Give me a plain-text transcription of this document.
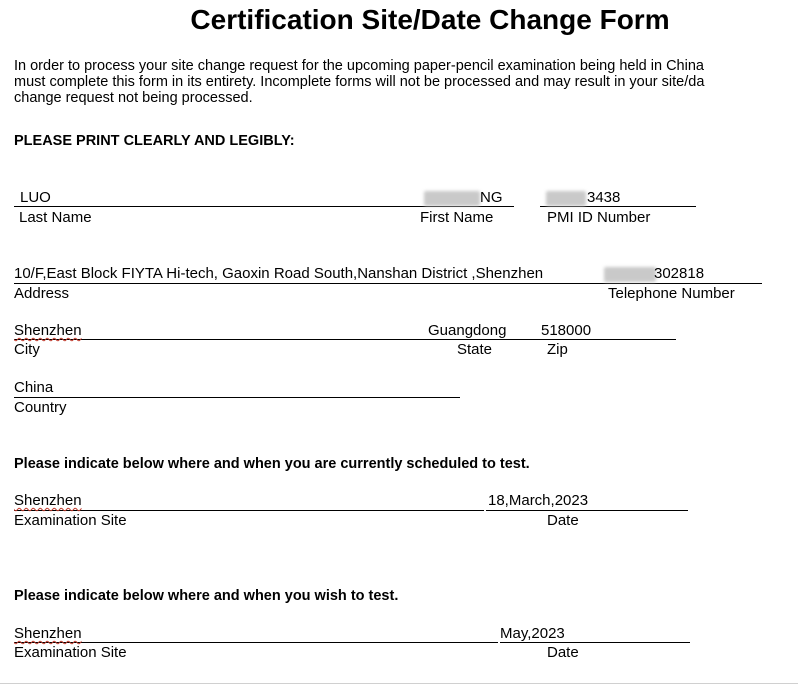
Certification Site/Date Change Form
In order to process your site change request for the upcoming paper-pencil examination being held in China
must complete this form in its entirety. Incomplete forms will not be processed and may result in your site/da
change request not being processed.
PLEASE PRINT CLEARLY AND LEGIBLY:
LUO	NG	3438
Last Name	First Name	PMI ID Number
10/F,East Block FIYTA Hi-tech, Gaoxin Road South,Nanshan District ,Shenzhen	302818
Address	Telephone Number
Shenzhen	Guangdong 518000
City	State	Zip
China
Country
Please indicate below where and when you are currently scheduled to test.
Shenzhen	18,March,2023
Examination Site	Date
Please indicate below where and when you wish to test.
Shenzhen	May,2023
Examination Site	Date
